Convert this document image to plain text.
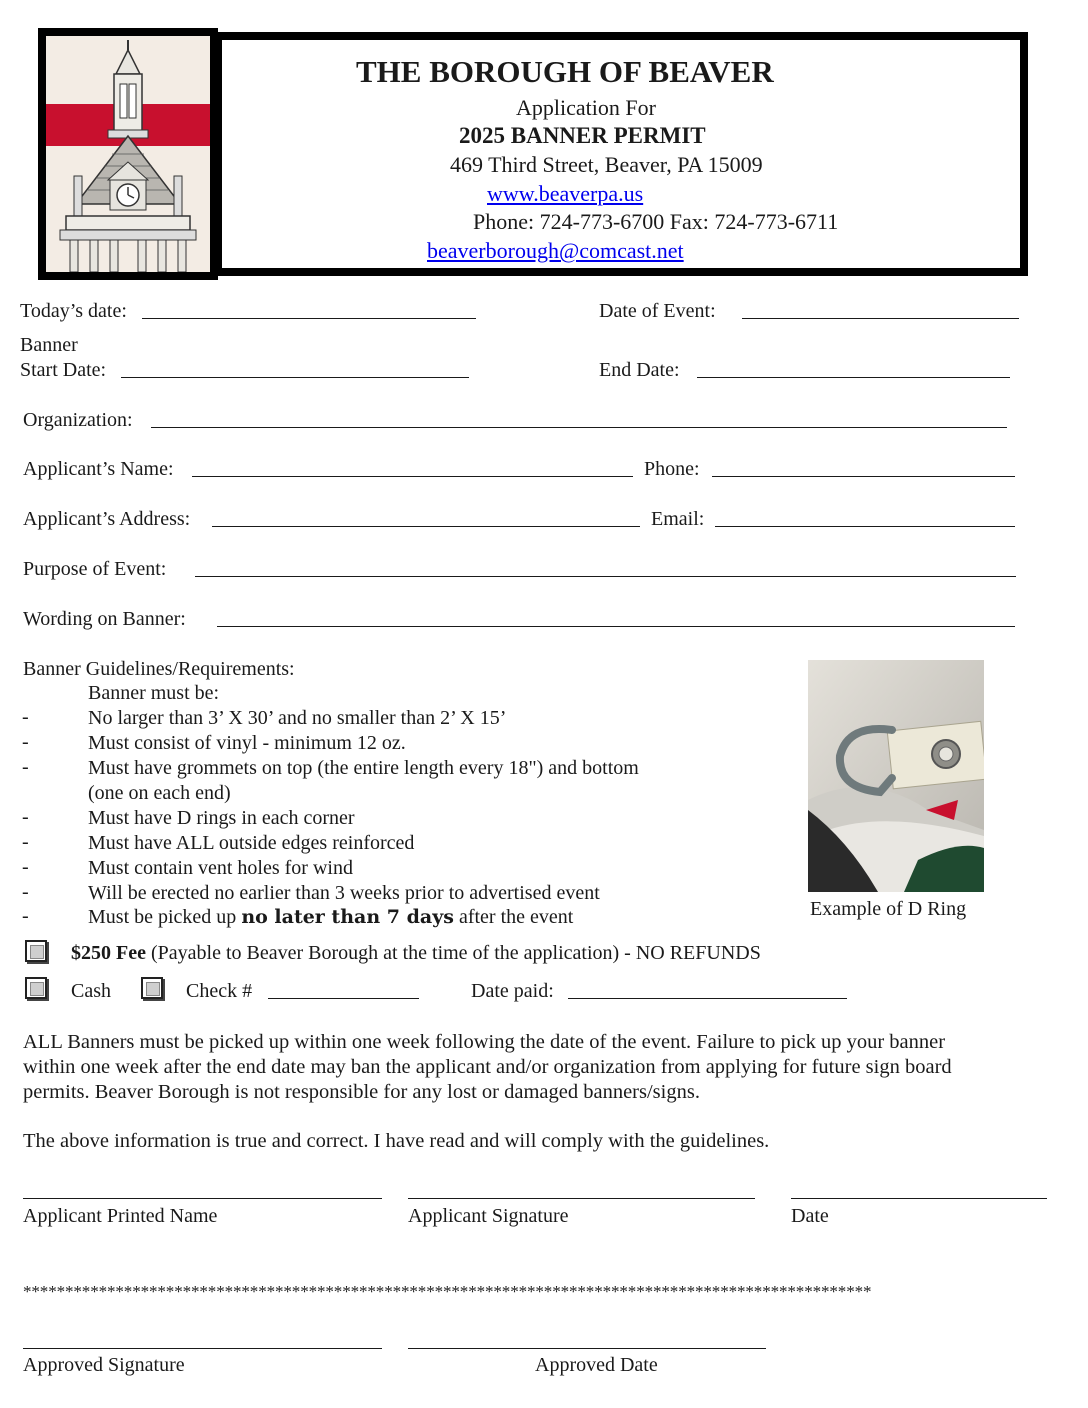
THE BOROUGH OF BEAVER
Application For
2025 BANNER PERMIT
469 Third Street, Beaver, PA 15009
www.beaverpa.us
Phone: 724-773-6700 Fax: 724-773-6711
beaverborough@comcast.net
Today’s date:	Date of Event:
Banner
Start Date:	End Date:
Organization:
Applicant’s Name:	Phone:
Applicant’s Address:	Email:
Purpose of Event:
Wording on Banner:
Banner Guidelines/Requirements:
Banner must be:
-	No larger than 3’ X 30’ and no smaller than 2’ X 15’
-	Must consist of vinyl - minimum 12 oz.
-	Must have grommets on top (the entire length every 18") and bottom
(one on each end)
-	Must have D rings in each corner
-	Must have ALL outside edges reinforced
-	Must contain vent holes for wind
-	Will be erected no earlier than 3 weeks prior to advertised event
-	Must be picked up no later than 7 days after the event	Example of D Ring
$250 Fee (Payable to Beaver Borough at the time of the application) - NO REFUNDS
Cash	Check #	Date paid:
ALL Banners must be picked up within one week following the date of the event. Failure to pick up your banner
within one week after the end date may ban the applicant and/or organization from applying for future sign board
permits. Beaver Borough is not responsible for any lost or damaged banners/signs.
The above information is true and correct. I have read and will comply with the guidelines.
Applicant Printed Name	Applicant Signature	Date
*****************************************************************************************************
Approved Signature	Approved Date
